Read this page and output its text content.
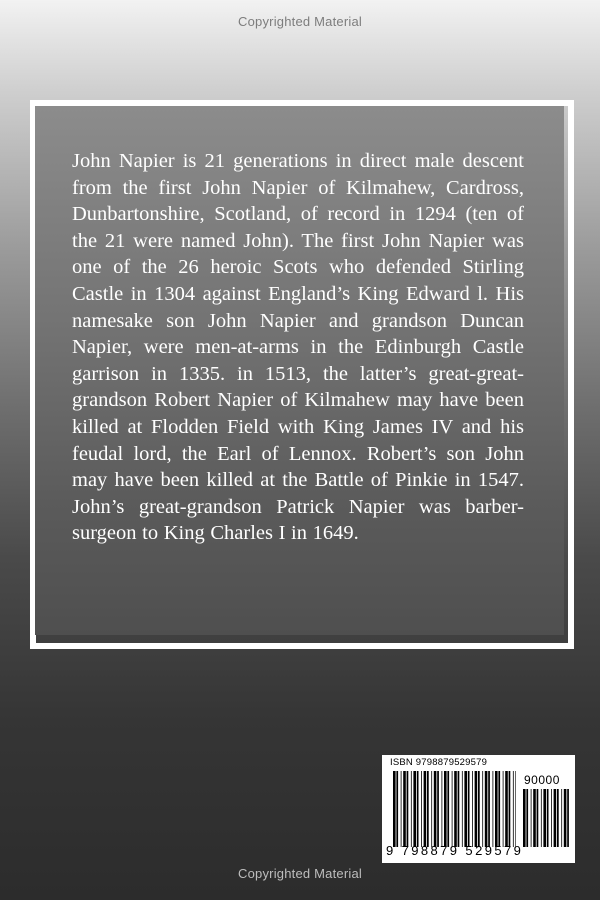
Copyrighted Material

John Napier is 21 generations in direct male descent from the first John Napier of Kilmahew, Cardross, Dunbartonshire, Scotland, of record in 1294 (ten of the 21 were named John). The first John Napier was one of the 26 heroic Scots who defended Stirling Castle in 1304 against England’s King Edward l. His namesake son John Napier and grandson Duncan Napier, were men-at-arms in the Edinburgh Castle garrison in 1335. in 1513, the latter’s great-great-grandson Robert Napier of Kilmahew may have been killed at Flodden Field with King James IV and his feudal lord, the Earl of Lennox. Robert’s son John may have been killed at the Battle of Pinkie in 1547. John’s great-grandson Patrick Napier was barber-surgeon to King Charles I in 1649.

ISBN 9798879529579
90000
9 798879 529579
Copyrighted Material
